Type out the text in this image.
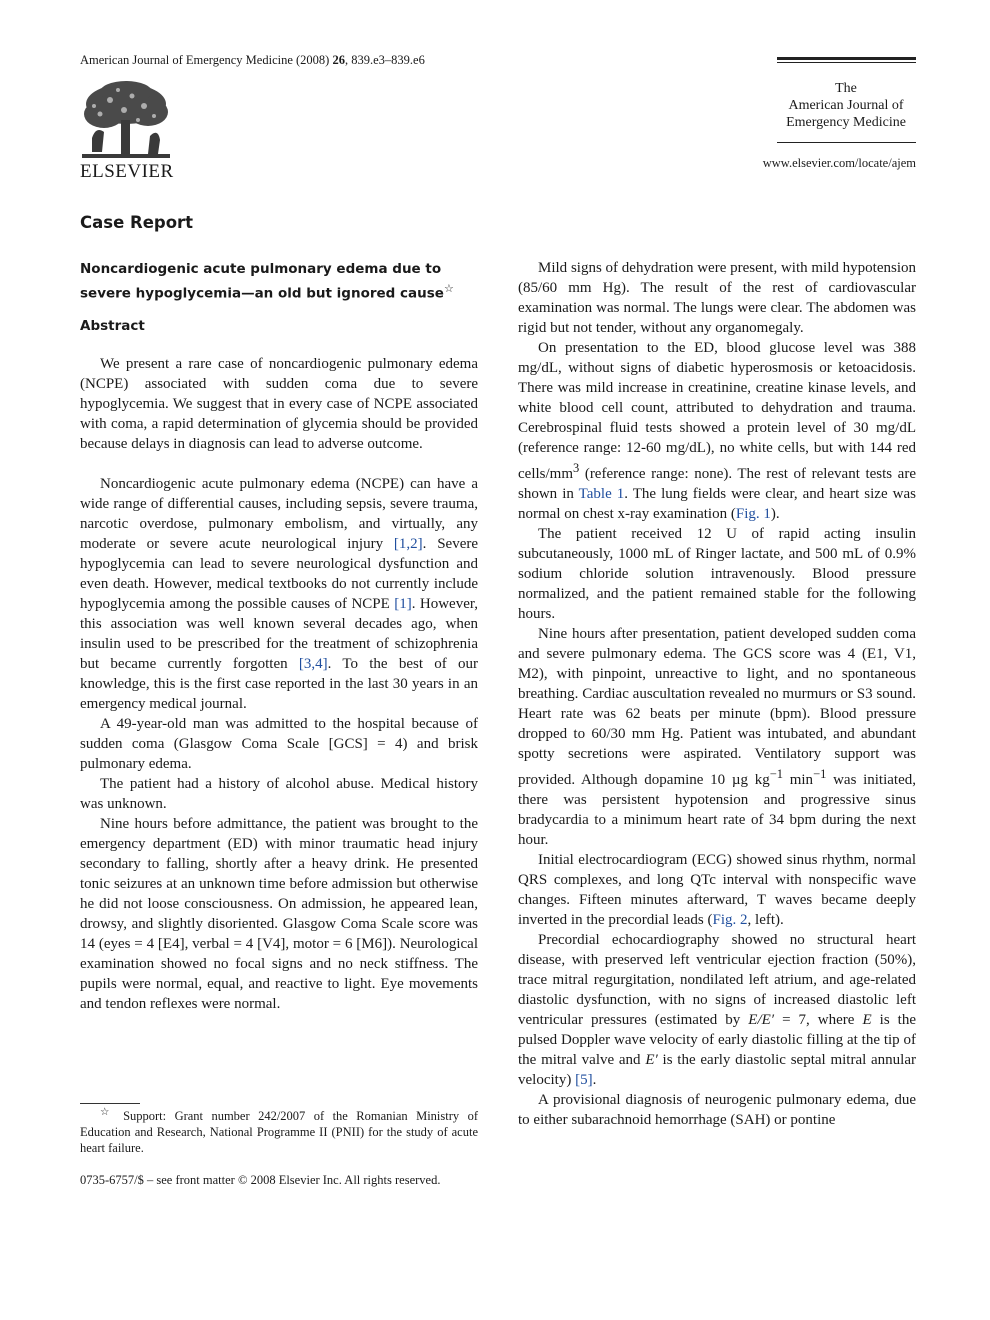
American Journal of Emergency Medicine (2008) 26, 839.e3–839.e6
ELSEVIER
The
American Journal of
Emergency Medicine
www.elsevier.com/locate/ajem
Case Report
Noncardiogenic acute pulmonary edema due to severe hypoglycemia—an old but ignored cause☆
Abstract

We present a rare case of noncardiogenic pulmonary edema (NCPE) associated with sudden coma due to severe hypoglycemia. We suggest that in every case of NCPE associated with coma, a rapid determination of glycemia should be provided because delays in diagnosis can lead to adverse outcome.

Noncardiogenic acute pulmonary edema (NCPE) can have a wide range of differential causes, including sepsis, severe trauma, narcotic overdose, pulmonary embolism, and virtually, any moderate or severe acute neurological injury [1,2]. Severe hypoglycemia can lead to severe neurological dysfunction and even death. However, medical textbooks do not currently include hypoglycemia among the possible causes of NCPE [1]. However, this association was well known several decades ago, when insulin used to be prescribed for the treatment of schizophrenia but became currently forgotten [3,4]. To the best of our knowledge, this is the first case reported in the last 30 years in an emergency medical journal.

A 49-year-old man was admitted to the hospital because of sudden coma (Glasgow Coma Scale [GCS] = 4) and brisk pulmonary edema.

The patient had a history of alcohol abuse. Medical history was unknown.

Nine hours before admittance, the patient was brought to the emergency department (ED) with minor traumatic head injury secondary to falling, shortly after a heavy drink. He presented tonic seizures at an unknown time before admission but otherwise he did not loose consciousness. On admission, he appeared lean, drowsy, and slightly disoriented. Glasgow Coma Scale score was 14 (eyes = 4 [E4], verbal = 4 [V4], motor = 6 [M6]). Neurological examination showed no focal signs and no neck stiffness. The pupils were normal, equal, and reactive to light. Eye movements and tendon reflexes were normal.

Mild signs of dehydration were present, with mild hypotension (85/60 mm Hg). The result of the rest of cardiovascular examination was normal. The lungs were clear. The abdomen was rigid but not tender, without any organomegaly.

On presentation to the ED, blood glucose level was 388 mg/dL, without signs of diabetic hyperosmosis or ketoacidosis. There was mild increase in creatinine, creatine kinase levels, and white blood cell count, attributed to dehydration and trauma. Cerebrospinal fluid tests showed a protein level of 30 mg/dL (reference range: 12-60 mg/dL), no white cells, but with 144 red cells/$mm^3$ (reference range: none). The rest of relevant tests are shown in Table 1. The lung fields were clear, and heart size was normal on chest x-ray examination (Fig. 1).

The patient received 12 U of rapid acting insulin subcutaneously, 1000 mL of Ringer lactate, and 500 mL of 0.9% sodium chloride solution intravenously. Blood pressure normalized, and the patient remained stable for the following hours.

Nine hours after presentation, patient developed sudden coma and severe pulmonary edema. The GCS score was 4 (E1, V1, M2), with pinpoint, unreactive to light, and no spontaneous breathing. Cardiac auscultation revealed no murmurs or S3 sound. Heart rate was 62 beats per minute (bpm). Blood pressure dropped to 60/30 mm Hg. Patient was intubated, and abundant spotty secretions were aspirated. Ventilatory support was provided. Although dopamine 10 µg $kg^{-1}$ $\min^{-1}$ was initiated, there was persistent hypotension and progressive sinus bradycardia to a minimum heart rate of 34 bpm during the next hour.

Initial electrocardiogram (ECG) showed sinus rhythm, normal QRS complexes, and long QTc interval with nonspecific wave changes. Fifteen minutes afterward, T waves became deeply inverted in the precordial leads (Fig. 2, left).

Precordial echocardiography showed no structural heart disease, with preserved left ventricular ejection fraction (50%), trace mitral regurgitation, nondilated left atrium, and age-related diastolic dysfunction, with no signs of increased diastolic left ventricular pressures (estimated by E/E′ = 7, where E is the pulsed Doppler wave velocity of early diastolic filling at the tip of the mitral valve and E′ is the early diastolic septal mitral annular velocity) [5].

A provisional diagnosis of neurogenic pulmonary edema, due to either subarachnoid hemorrhage (SAH) or pontine

☆ Support: Grant number 242/2007 of the Romanian Ministry of Education and Research, National Programme II (PNII) for the study of acute heart failure.
0735-6757/$ – see front matter © 2008 Elsevier Inc. All rights reserved.
